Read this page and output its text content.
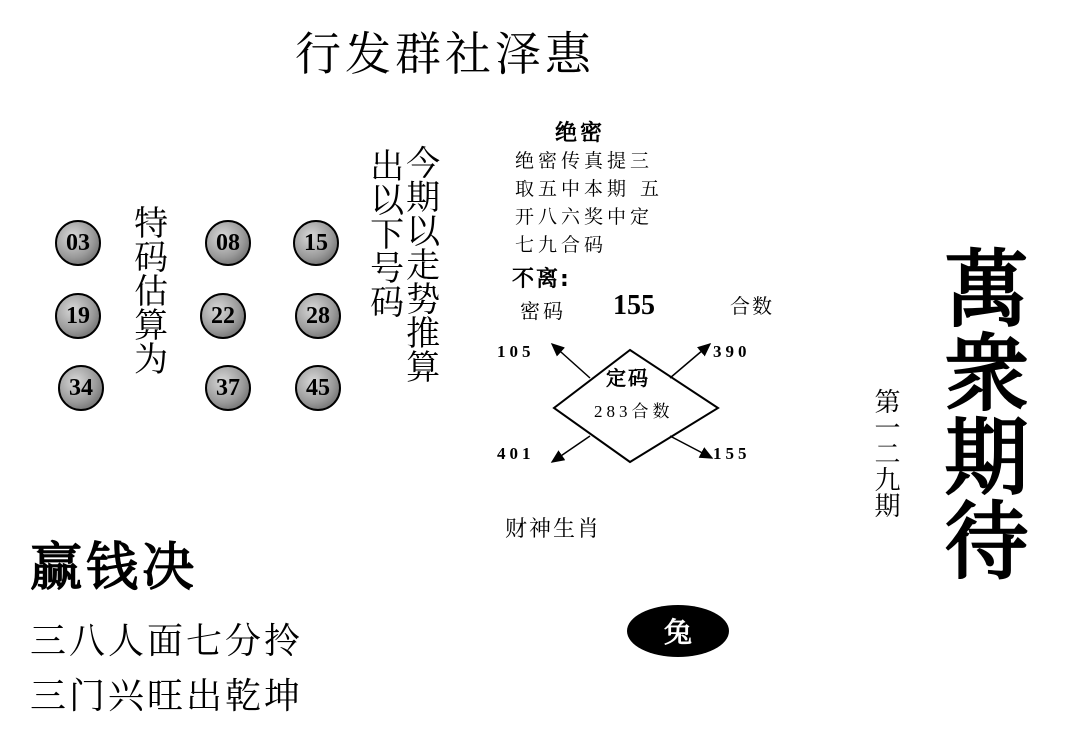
行发群社泽惠
03	08	15
19	22	28
34	37	45
特码估算为	今期以走势推算
出以下号码
绝密
绝密传真提三
取五中本期 五
开八六奖中定
七九合码
不离:
密码 155	合数
定码
283合数
105	390
401	155
财神生肖
兔
赢钱决
三八人面七分拎
三门兴旺出乾坤
第一二九期 萬衆期待
